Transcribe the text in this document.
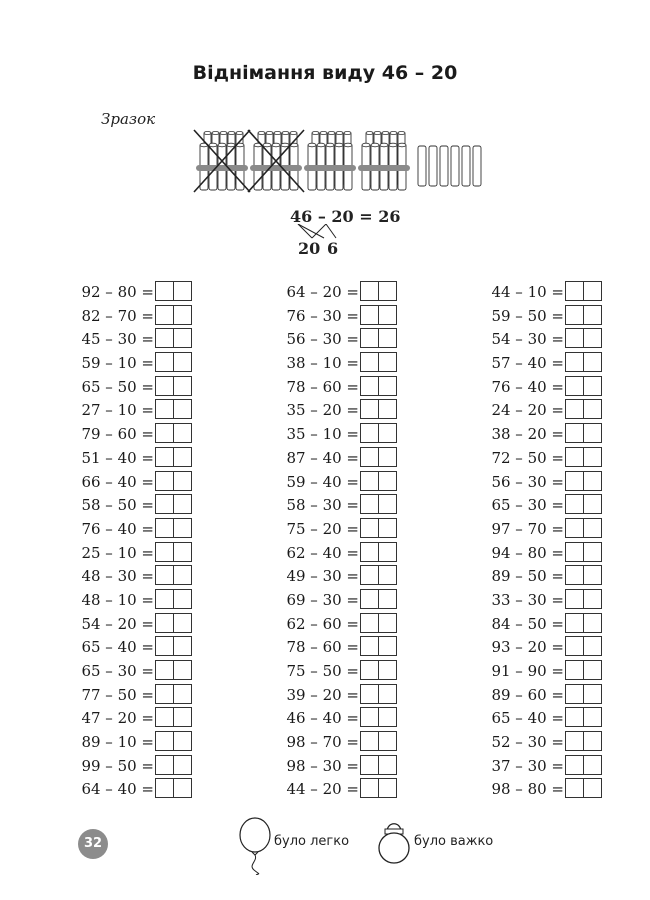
Віднімання виду 46 – 20
Зразок
46 – 20 = 26
20 6
92 – 80 =
82 – 70 =
45 – 30 =
59 – 10 =
65 – 50 =
27 – 10 =
79 – 60 =
51 – 40 =
66 – 40 =
58 – 50 =
76 – 40 =
25 – 10 =
48 – 30 =
48 – 10 =
54 – 20 =
65 – 40 =
65 – 30 =
77 – 50 =
47 – 20 =
89 – 10 =
99 – 50 =
64 – 40 =
64 – 20 =
76 – 30 =
56 – 30 =
38 – 10 =
78 – 60 =
35 – 20 =
35 – 10 =
87 – 40 =
59 – 40 =
58 – 30 =
75 – 20 =
62 – 40 =
49 – 30 =
69 – 30 =
62 – 60 =
78 – 60 =
75 – 50 =
39 – 20 =
46 – 40 =
98 – 70 =
98 – 30 =
44 – 20 =
44 – 10 =
59 – 50 =
54 – 30 =
57 – 40 =
76 – 40 =
24 – 20 =
38 – 20 =
72 – 50 =
56 – 30 =
65 – 30 =
97 – 70 =
94 – 80 =
89 – 50 =
33 – 30 =
84 – 50 =
93 – 20 =
91 – 90 =
89 – 60 =
65 – 40 =
52 – 30 =
37 – 30 =
98 – 80 =
32	було легко	було важко
